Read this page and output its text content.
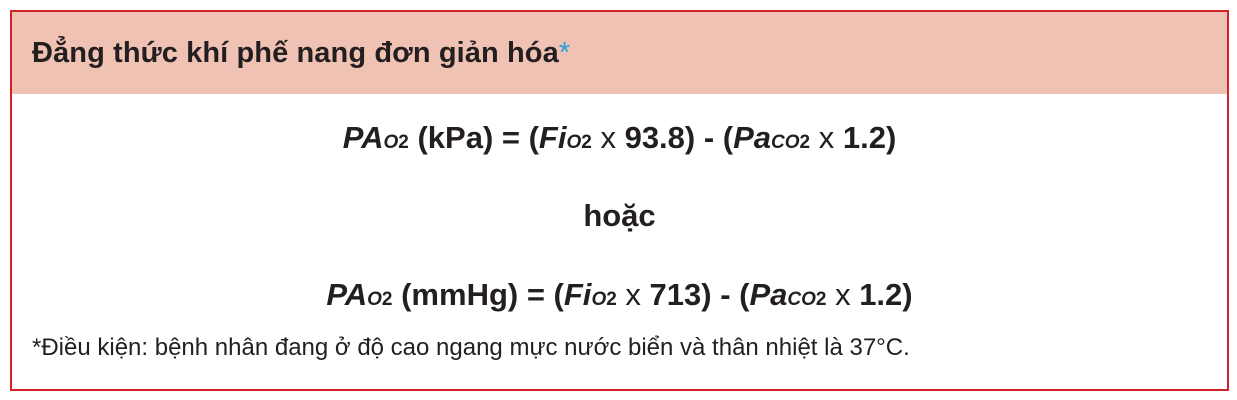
Đẳng thức khí phế nang đơn giản hóa *
PAO2 (kPa) = (FiO2 x 93.8) - (PaCO2 x 1.2)
hoặc
PAO2 (mmHg) = (FiO2 x 713) - (PaCO2 x 1.2)
*Điều kiện: bệnh nhân đang ở độ cao ngang mực nước biển và thân nhiệt là 37°C.
